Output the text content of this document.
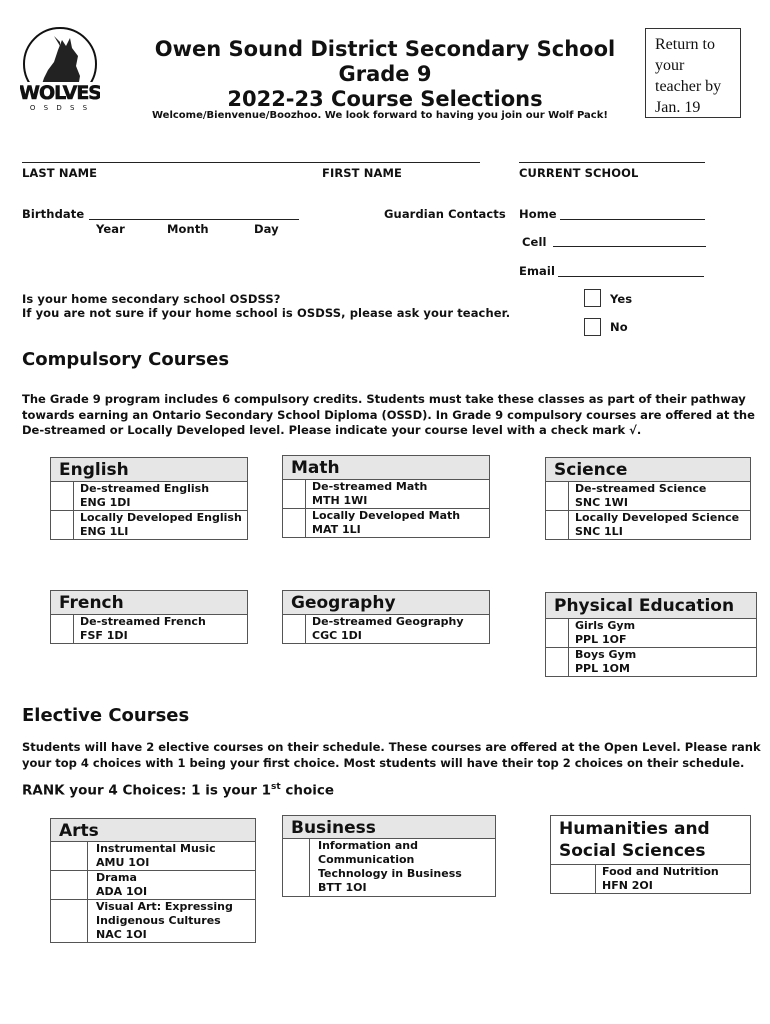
WOLVES
O S D S S
Owen Sound District Secondary School
Grade 9
2022-23 Course Selections
Welcome/Bienvenue/Boozhoo. We look forward to having you join our Wolf Pack!
Return to
your
teacher by
Jan. 19
LAST NAME	FIRST NAME	CURRENT SCHOOL
Birthdate
Year	Month	Day
Guardian Contacts Home
Cell
Email
Is your home secondary school OSDSS?
If you are not sure if your home school is OSDSS, please ask your teacher.
Yes
No
Compulsory Courses
The Grade 9 program includes 6 compulsory credits. Students must take these classes as part of their pathway
towards earning an Ontario Secondary School Diploma (OSSD). In Grade 9 compulsory courses are offered at the
De-streamed or Locally Developed level. Please indicate your course level with a check mark √.
English	

	De-streamed English
ENG 1DI

	Locally Developed English
ENG 1LI
Math	

	De-streamed Math
MTH 1WI

	Locally Developed Math
MAT 1LI
Science	

	De-streamed Science
SNC 1WI

	Locally Developed Science
SNC 1LI
French

De-streamed French
FSF 1DI
Geography

De-streamed Geography
CGC 1DI
Physical Education	

	Girls Gym
PPL 1OF

	Boys Gym
PPL 1OM
Elective Courses
Students will have 2 elective courses on their schedule. These courses are offered at the Open Level. Please rank
your top 4 choices with 1 being your first choice. Most students will have their top 2 choices on their schedule.
RANK your 4 Choices: 1 is your 1st choice
Arts	

	Instrumental Music
AMU 1OI

	Drama
ADA 1OI

	Visual Art: Expressing
Indigenous Cultures
NAC 1OI
Business

Information and
Communication
Technology in Business
BTT 1OI
Humanities and
Social Sciences

Food and Nutrition
HFN 2OI
